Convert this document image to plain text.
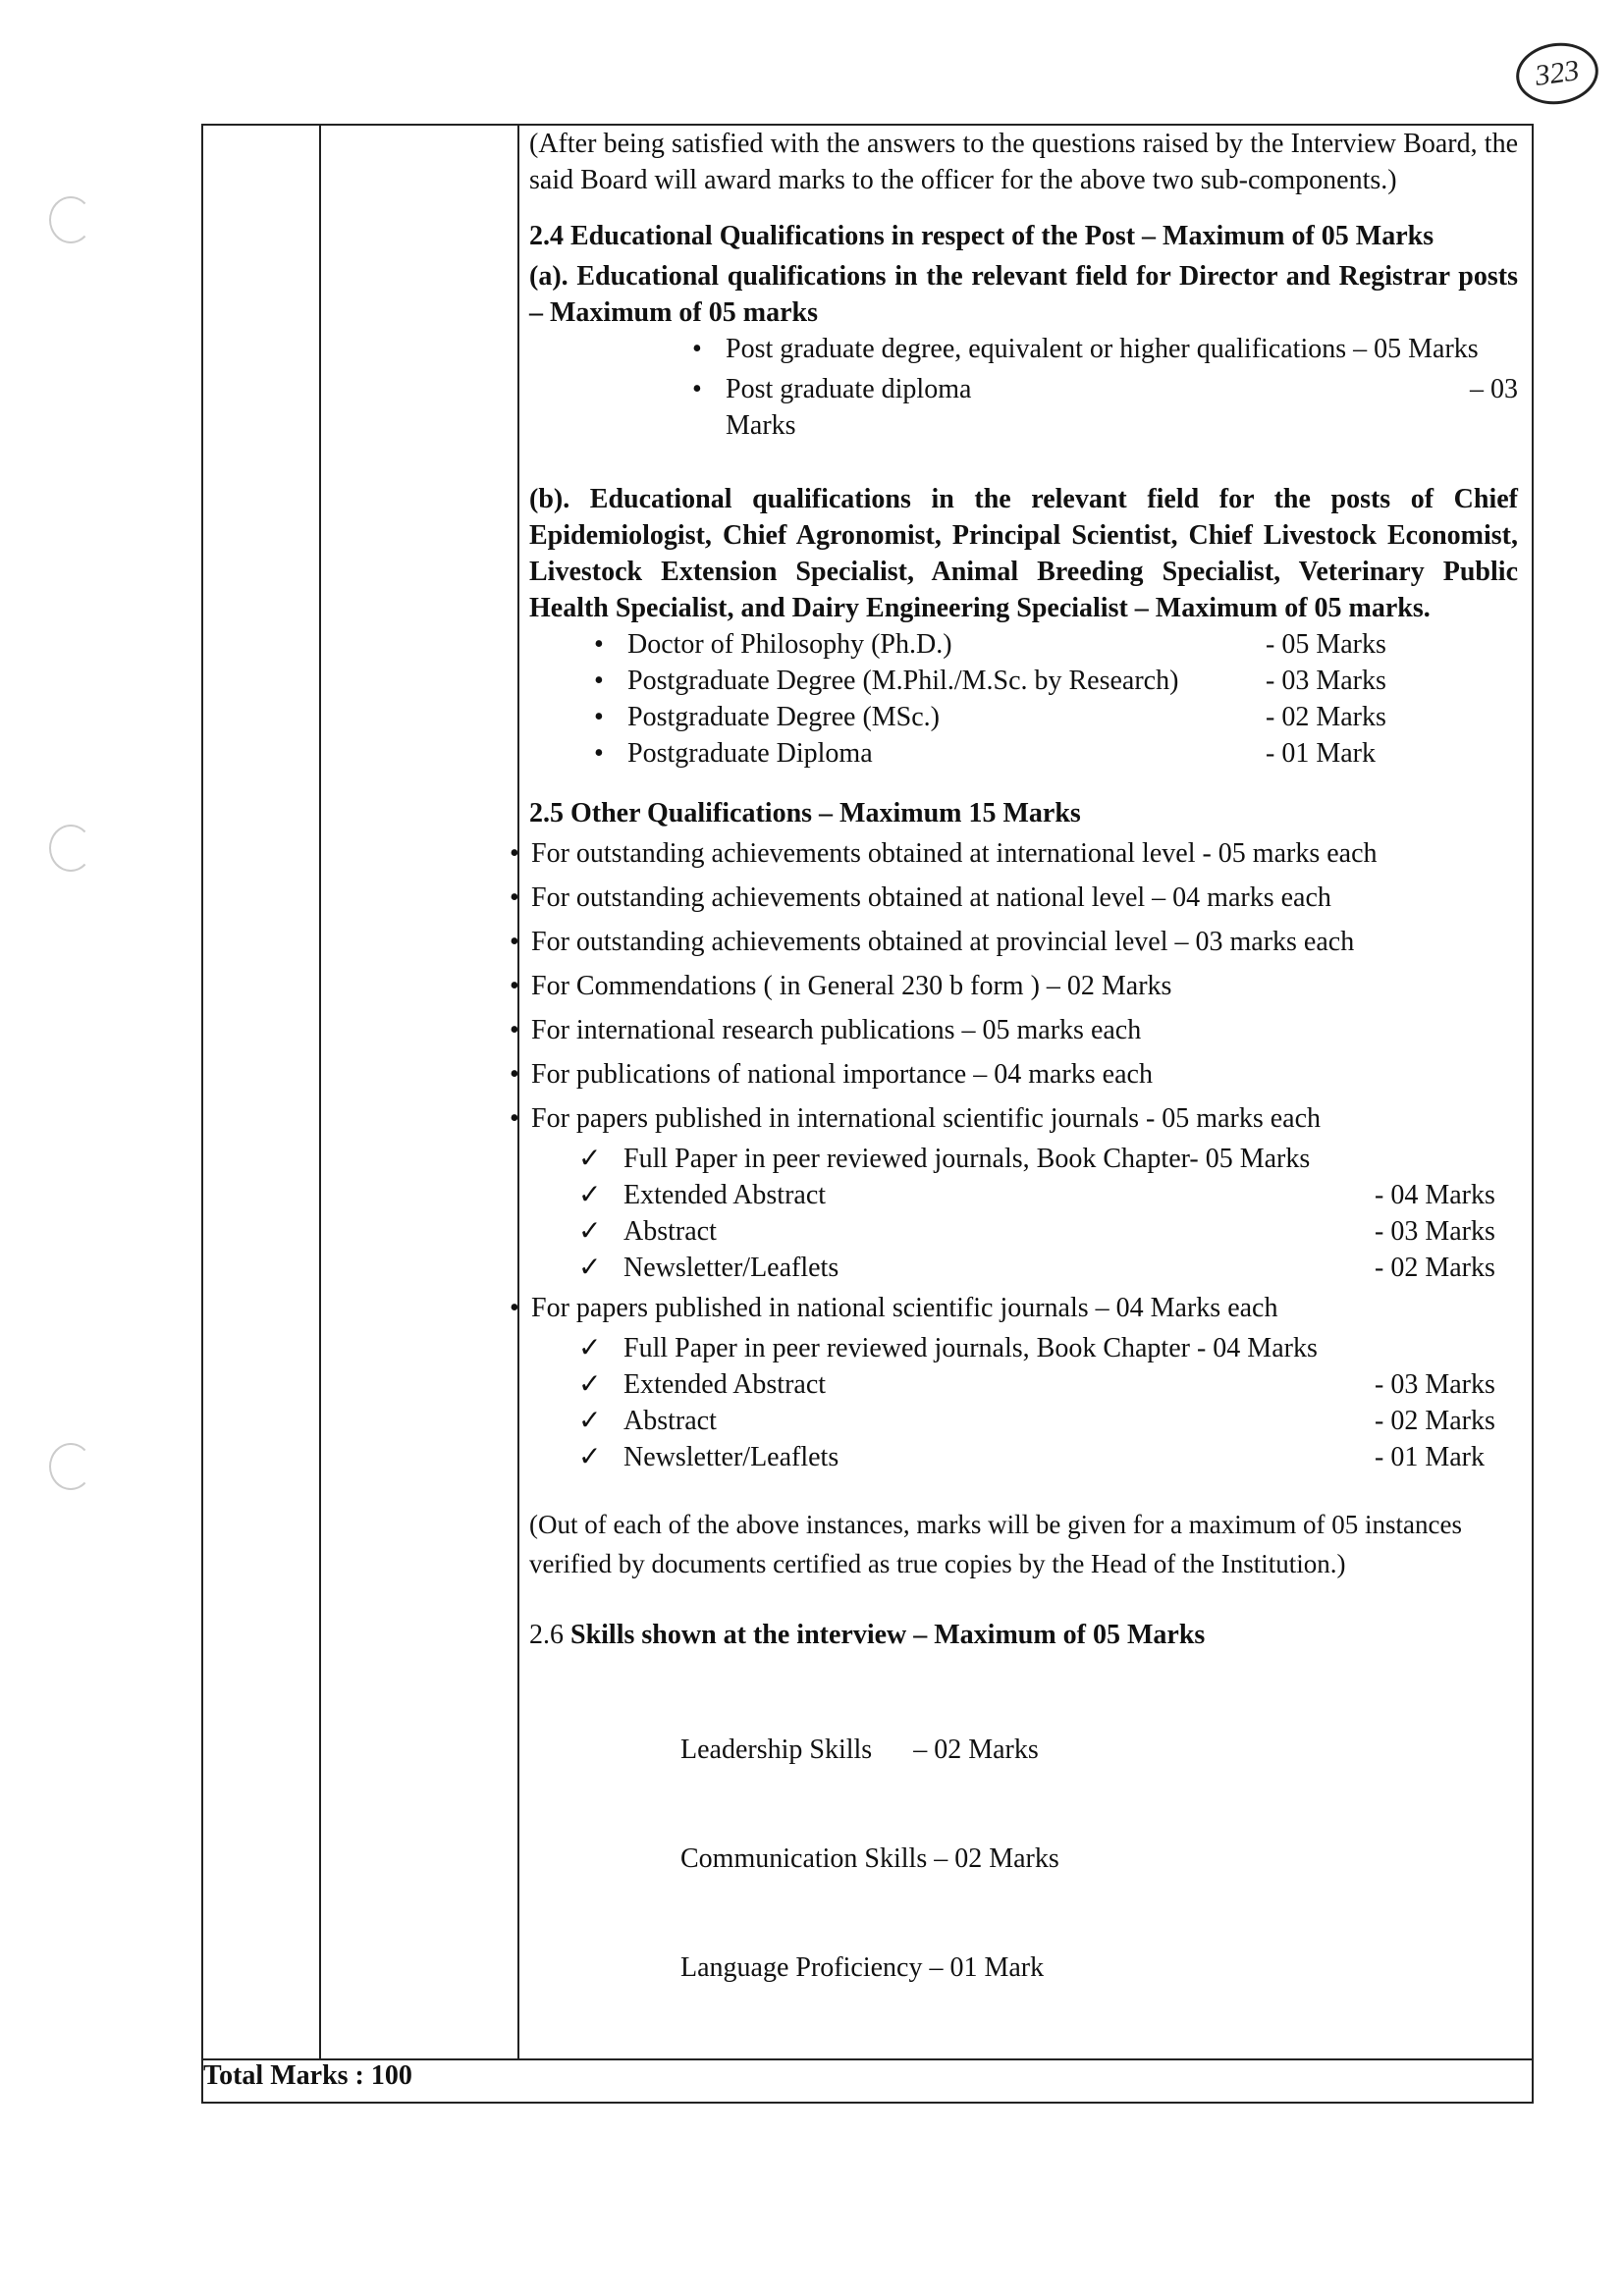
323

(After being satisfied with the answers to the questions raised by the Interview Board, the said Board will award marks to the officer for the above two sub-components.)
2.4 Educational Qualifications in respect of the Post – Maximum of 05 Marks
(a). Educational qualifications in the relevant field for Director and Registrar posts – Maximum of 05 marks
• Post graduate degree, equivalent or higher qualifications – 05 Marks
• Post graduate diploma	– 03
Marks
(b). Educational qualifications in the relevant field for the posts of Chief Epidemiologist, Chief Agronomist, Principal Scientist, Chief Livestock Economist, Livestock Extension Specialist, Animal Breeding Specialist, Veterinary Public Health Specialist, and Dairy Engineering Specialist – Maximum of 05 marks.
• Doctor of Philosophy (Ph.D.)	- 05 Marks
• Postgraduate Degree (M.Phil./M.Sc. by Research)	- 03 Marks
• Postgraduate Degree (MSc.)	- 02 Marks
• Postgraduate Diploma	- 01 Mark
2.5 Other Qualifications – Maximum 15 Marks
• For outstanding achievements obtained at international level - 05 marks each
• For outstanding achievements obtained at national level – 04 marks each
• For outstanding achievements obtained at provincial level – 03 marks each
• For Commendations ( in General 230 b form ) – 02 Marks
• For international research publications – 05 marks each
• For publications of national importance – 04 marks each
• For papers published in international scientific journals - 05 marks each
✓ Full Paper in peer reviewed journals, Book Chapter- 05 Marks
✓ Extended Abstract	- 04 Marks
✓ Abstract	- 03 Marks
✓ Newsletter/Leaflets	- 02 Marks
• For papers published in national scientific journals – 04 Marks each
✓ Full Paper in peer reviewed journals, Book Chapter - 04 Marks
✓ Extended Abstract	- 03 Marks
✓ Abstract	- 02 Marks
✓ Newsletter/Leaflets	- 01 Mark
(Out of each of the above instances, marks will be given for a maximum of 05 instances verified by documents certified as true copies by the Head of the Institution.)
2.6 Skills shown at the interview – Maximum of 05 Marks

Leadership Skills      – 02 Marks

Communication Skills – 02 Marks

Language Proficiency – 01 Mark

Total Marks : 100
